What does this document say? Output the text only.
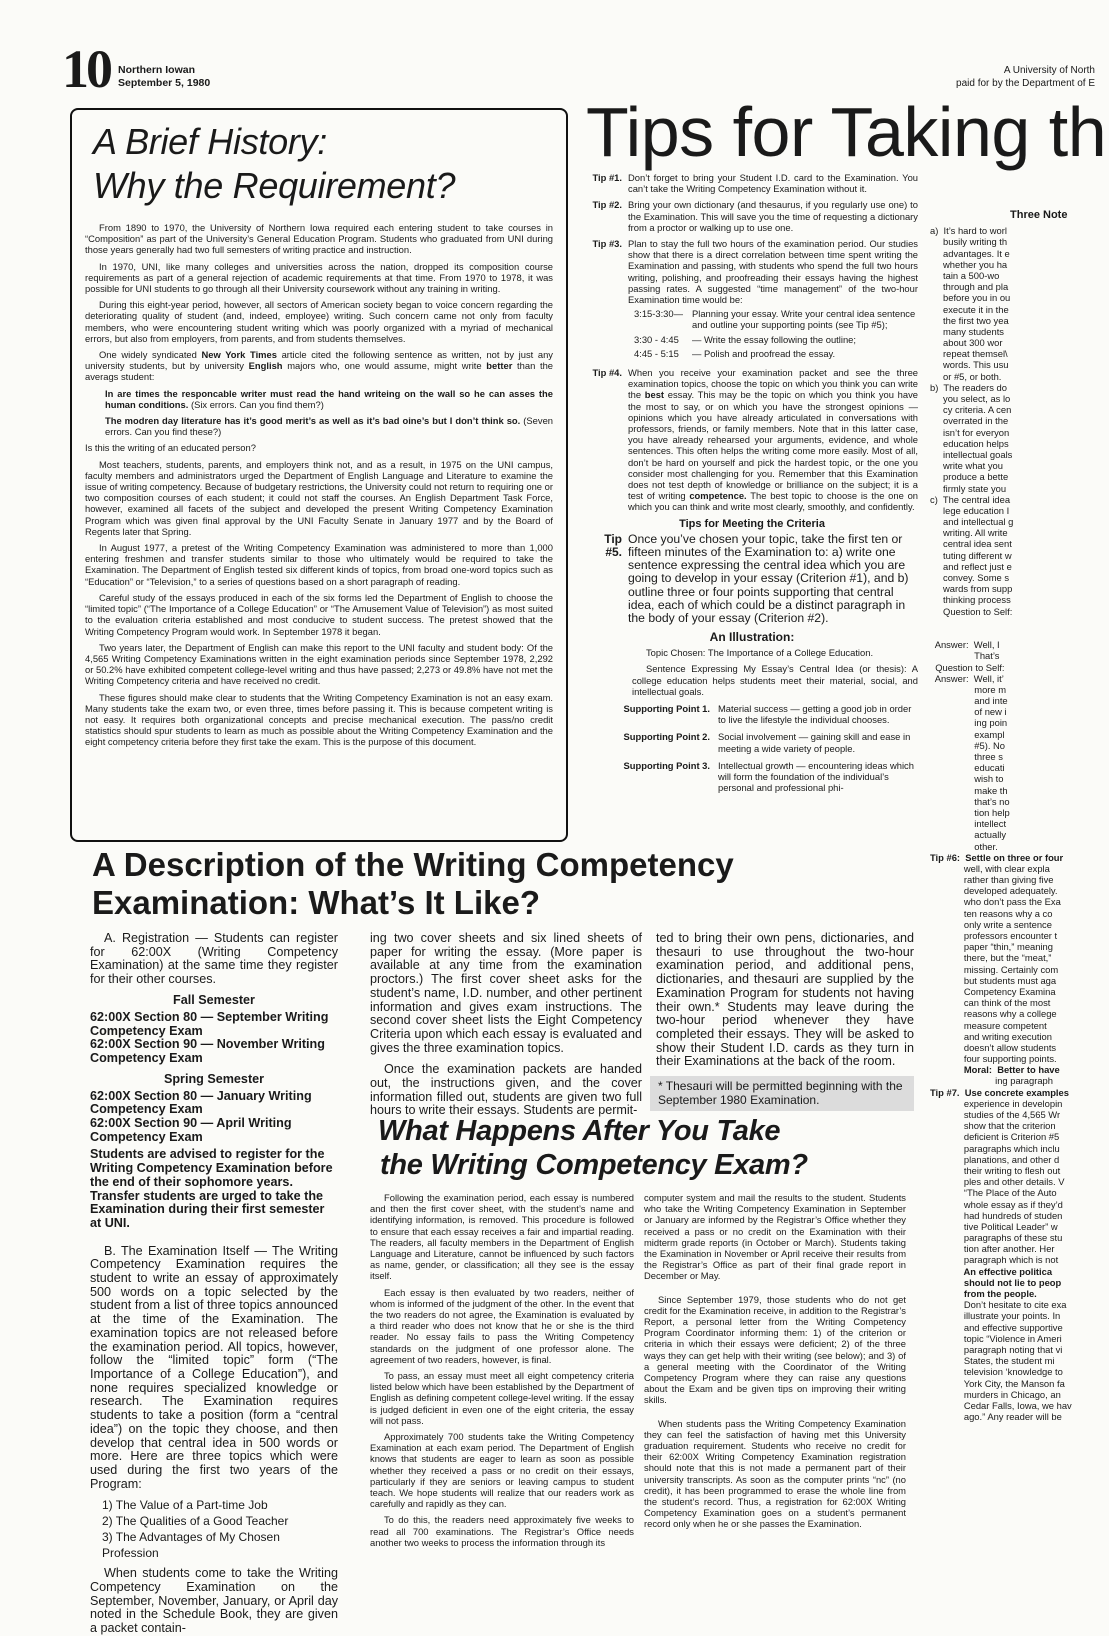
10 Northern Iowan
September 5, 1980
A University of North
paid for by the Department of E
A Brief History:
Why the Requirement?

From 1890 to 1970, the University of Northern Iowa required each entering student to take courses in “Composition” as part of the University’s General Education Program. Students who graduated from UNI during those years generally had two full semesters of writing practice and instruction.

In 1970, UNI, like many colleges and universities across the nation, dropped its composition course requirements as part of a general rejection of academic requirements at that time. From 1970 to 1978, it was possible for UNI students to go through all their University coursework without any training in writing.

During this eight-year period, however, all sectors of American society began to voice concern regarding the deteriorating quality of student (and, indeed, employee) writing. Such concern came not only from faculty members, who were encountering student writing which was poorly organized with a myriad of mechanical errors, but also from employers, from parents, and from students themselves.

One widely syndicated New York Times article cited the following sentence as written, not by just any university students, but by university English majors who, one would assume, might write better than the averags student:

In are times the responcable writer must read the hand writeing on the wall so he can asses the human conditions. (Six errors. Can you find them?)

The modren day literature has it’s good merit’s as well as it’s bad oine’s but I don’t think so. (Seven errors. Can you find these?)

Is this the writing of an educated person?

Most teachers, students, parents, and employers think not, and as a result, in 1975 on the UNI campus, faculty members and administrators urged the Department of English Language and Literature to examine the issue of writing competency. Because of budgetary restrictions, the University could not return to requiring one or two composition courses of each student; it could not staff the courses. An English Department Task Force, however, examined all facets of the subject and developed the present Writing Competency Examination Program which was given final approval by the UNI Faculty Senate in January 1977 and by the Board of Regents later that Spring.

In August 1977, a pretest of the Writing Competency Examination was administered to more than 1,000 entering freshmen and transfer students similar to those who ultimately would be required to take the Examination. The Department of English tested six different kinds of topics, from broad one-word topics such as “Education” or “Television,” to a series of questions based on a short paragraph of reading.

Careful study of the essays produced in each of the six forms led the Department of English to choose the “limited topic” (“The Importance of a College Education” or “The Amusement Value of Television”) as most suited to the evaluation criteria established and most conducive to student success. The pretest showed that the Writing Competency Program would work. In September 1978 it began.

Two years later, the Department of English can make this report to the UNI faculty and student body: Of the 4,565 Writing Competency Examinations written in the eight examination periods since September 1978, 2,292 or 50.2% have exhibited competent college-level writing and thus have passed; 2,273 or 49.8% have not met the Writing Competency criteria and have received no credit.

These figures should make clear to students that the Writing Competency Examination is not an easy exam. Many students take the exam two, or even three, times before passing it. This is because competent writing is not easy. It requires both organizational concepts and precise mechanical execution. The pass/no credit statistics should spur students to learn as much as possible about the Writing Competency Examination and the eight competency criteria before they first take the exam. This is the purpose of this document.

Tips for Taking th
Tip #1. Don’t forget to bring your Student I.D. card to the Examination. You can’t take the Writing Competency Examination without it.
Tip #2. Bring your own dictionary (and thesaurus, if you regularly use one) to the Examination. This will save you the time of requesting a dictionary from a proctor or walking up to use one.
Tip #3. Plan to stay the full two hours of the examination period. Our studies show that there is a direct correlation between time spent writing the Examination and passing, with students who spend the full two hours writing, polishing, and proofreading their essays having the highest passing rates. A suggested “time management” of the two-hour Examination time would be:
3:15-3:30— Planning your essay. Write your central idea sentence and outline your supporting points (see Tip #5);
3:30 - 4:45	— Write the essay following the outline;
4:45 - 5:15	— Polish and proofread the essay.
Tip #4. When you receive your examination packet and see the three examination topics, choose the topic on which you think you can write the best essay. This may be the topic on which you think you have the most to say, or on which you have the strongest opinions — opinions which you have already articulated in conversations with professors, friends, or family members. Note that in this latter case, you have already rehearsed your arguments, evidence, and whole sentences. This often helps the writing come more easily. Most of all, don’t be hard on yourself and pick the hardest topic, or the one you consider most challenging for you. Remember that this Examination does not test depth of knowledge or brilliance on the subject; it is a test of writing competence. The best topic to choose is the one on which you can think and write most clearly, smoothly, and confidently.
Tips for Meeting the Criteria
Tip #5.
Once you’ve chosen your topic, take the first ten or fifteen minutes of the Examination to: a) write one sentence expressing the central idea which you are going to develop in your essay (Criterion #1), and b) outline three or four points supporting that central idea, each of which could be a distinct paragraph in the body of your essay (Criterion #2).
An Illustration:
Topic Chosen: The Importance of a College Education.
Sentence Expressing My Essay’s Central Idea (or thesis): A college education helps students meet their material, social, and intellectual goals.
Supporting Point 1. Material success — getting a good job in order to live the lifestyle the individual chooses.
Supporting Point 2. Social involvement — gaining skill and ease in meeting a wide variety of people.
Supporting Point 3. Intellectual growth — encountering ideas which will form the foundation of the individual’s personal and professional phi-
Three Note
a)  It’s hard to worl
busily writing th
advantages. It e
whether you ha
tain a 500-wo
through and pla
before you in ou
execute it in the
the first two yea
many students
about 300 wor
repeat themsel\
words. This usu
or #5, or both.
b)  The readers do
you select, as lo
cy criteria. A cen
overrated in the
isn’t for everyon
education helps
intellectual goals
write what you
produce a bette
firmly state you
c)  The central idea
lege education I
and intellectual g
writing. All write
central idea sent
tuting different w
and reflect just e
convey. Some s
wards from supp
thinking process
Question to Self:
Answer:  Well, I
That’s
Question to Self:
Answer:  Well, it’
more m
and inte
of new i
ing poin
exampl
#5). No
three s
educati
wish to
make th
that’s no
tion help
intellect
actually
other.
Tip #6:  Settle on three or four
well, with clear expla
rather than giving five
developed adequately.
who don’t pass the Exa
ten reasons why a co
only write a sentence
professors encounter t
paper “thin,” meaning
there, but the “meat,”
missing. Certainly com
but students must aga
Competency Examina
can think of the most
reasons why a college
measure competent
and writing execution
doesn’t allow students
four supporting points.
Moral:  Better to have
ing paragraph
Tip #7.  Use concrete examples
experience in developin
studies of the 4,565 Wr
show that the criterion
deficient is Criterion #5
paragraphs which inclu
planations, and other d
their writing to flesh out
ples and other details. V
“The Place of the Auto
whole essay as if they’d
had hundreds of studen
tive Political Leader” w
paragraphs of these stu
tion after another. Her
paragraph which is not
An effective politica
should not lie to peop
from the people.
Don’t hesitate to cite exa
illustrate your points. In
and effective supportive
topic “Violence in Ameri
paragraph noting that vi
States, the student mi
television ‘knowledge to
York City, the Manson fa
murders in Chicago, an
Cedar Falls, Iowa, we hav
ago.” Any reader will be
A Description of the Writing Competency
Examination: What’s It Like?

A. Registration — Students can register for 62:00X (Writing Competency Examination) at the same time they register for their other courses.

Fall Semester
62:00X Section 80 — September Writing Competency Exam
62:00X Section 90 — November Writing Competency Exam
Spring Semester
62:00X Section 80 — January Writing Competency Exam
62:00X Section 90 — April Writing Competency Exam

Students are advised to register for the Writing Competency Examination before the end of their sophomore years. Transfer students are urged to take the Examination during their first semester at UNI.

B. The Examination Itself — The Writing Competency Examination requires the student to write an essay of approximately 500 words on a topic selected by the student from a list of three topics announced at the time of the Examination. The examination topics are not released before the examination period. All topics, however, follow the “limited topic” form (“The Importance of a College Education”), and none requires specialized knowledge or research. The Examination requires students to take a position (form a “central idea”) on the topic they choose, and then develop that central idea in 500 words or more. Here are three topics which were used during the first two years of the Program:

1) The Value of a Part-time Job
2) The Qualities of a Good Teacher
3) The Advantages of My Chosen Profession

When students come to take the Writing Competency Examination on the September, November, January, or April day noted in the Schedule Book, they are given a packet contain-

ing two cover sheets and six lined sheets of paper for writing the essay. (More paper is available at any time from the examination proctors.) The first cover sheet asks for the student’s name, I.D. number, and other pertinent information and gives exam instructions. The second cover sheet lists the Eight Competency Criteria upon which each essay is evaluated and gives the three examination topics.

Once the examination packets are handed out, the instructions given, and the cover information filled out, students are given two full hours to write their essays. Students are permit-

ted to bring their own pens, dictionaries, and thesauri to use throughout the two-hour examination period, and additional pens, dictionaries, and thesauri are supplied by the Examination Program for students not having their own.* Students may leave during the two-hour period whenever they have completed their essays. They will be asked to show their Student I.D. cards as they turn in their Examinations at the back of the room.

* Thesauri will be permitted beginning with the September 1980 Examination.
What Happens After You Take
the Writing Competency Exam?

Following the examination period, each essay is numbered and then the first cover sheet, with the student’s name and identifying information, is removed. This procedure is followed to ensure that each essay receives a fair and impartial reading. The readers, all faculty members in the Department of English Language and Literature, cannot be influenced by such factors as name, gender, or classification; all they see is the essay itself.

Each essay is then evaluated by two readers, neither of whom is informed of the judgment of the other. In the event that the two readers do not agree, the Examination is evaluated by a third reader who does not know that he or she is the third reader. No essay fails to pass the Writing Competency standards on the judgment of one professor alone. The agreement of two readers, however, is final.

To pass, an essay must meet all eight competency criteria listed below which have been established by the Department of English as defining competent college-level writing. If the essay is judged deficient in even one of the eight criteria, the essay will not pass.

Approximately 700 students take the Writing Competency Examination at each exam period. The Department of English knows that students are eager to learn as soon as possible whether they received a pass or no credit on their essays, particularly if they are seniors or leaving campus to student teach. We hope students will realize that our readers work as carefully and rapidly as they can.

To do this, the readers need approximately five weeks to read all 700 examinations. The Registrar’s Office needs another two weeks to process the information through its

computer system and mail the results to the student. Students who take the Writing Competency Examination in September or January are informed by the Registrar’s Office whether they received a pass or no credit on the Examination with their midterm grade reports (in October or March). Students taking the Examination in November or April receive their results from the Registrar’s Office as part of their final grade report in December or May.

Since September 1979, those students who do not get credit for the Examination receive, in addition to the Registrar’s Report, a personal letter from the Writing Competency Program Coordinator informing them: 1) of the criterion or criteria in which their essays were deficient; 2) of the three ways they can get help with their writing (see below); and 3) of a general meeting with the Coordinator of the Writing Competency Program where they can raise any questions about the Exam and be given tips on improving their writing skills.

When students pass the Writing Competency Examination they can feel the satisfaction of having met this University graduation requirement. Students who receive no credit for their 62:00X Writing Competency Examination registration should note that this is not made a permanent part of their university transcripts. As soon as the computer prints “nc” (no credit), it has been programmed to erase the whole line from the student’s record. Thus, a registration for 62:00X Writing Competency Examination goes on a student’s permanent record only when he or she passes the Examination.
